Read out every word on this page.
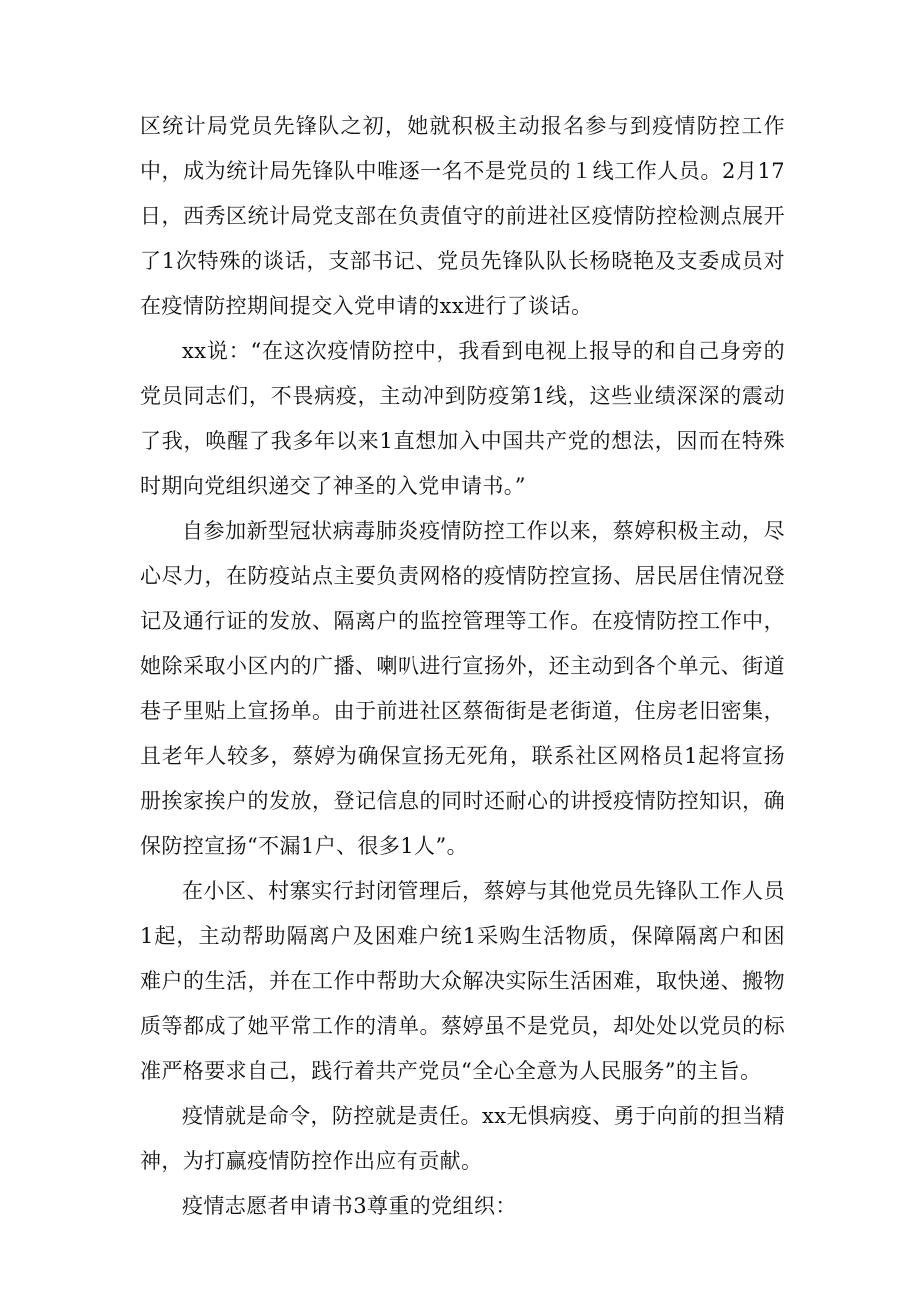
区统计局党员先锋队之初，她就积极主动报名参与到疫情防控工作中，成为统计局先锋队中唯逐一名不是党员的１线工作人员。2月17日，西秀区统计局党支部在负责值守的前进社区疫情防控检测点展开了1次特殊的谈话，支部书记、党员先锋队队长杨晓艳及支委成员对在疫情防控期间提交入党申请的xx进行了谈话。

xx说：“在这次疫情防控中，我看到电视上报导的和自己身旁的党员同志们，不畏病疫，主动冲到防疫第1线，这些业绩深深的震动了我，唤醒了我多年以来1直想加入中国共产党的想法，因而在特殊时期向党组织递交了神圣的入党申请书。”

自参加新型冠状病毒肺炎疫情防控工作以来，蔡婷积极主动，尽心尽力，在防疫站点主要负责网格的疫情防控宣扬、居民居住情况登记及通行证的发放、隔离户的监控管理等工作。在疫情防控工作中，她除采取小区内的广播、喇叭进行宣扬外，还主动到各个单元、街道巷子里贴上宣扬单。由于前进社区蔡衙街是老街道，住房老旧密集，且老年人较多，蔡婷为确保宣扬无死角，联系社区网格员1起将宣扬册挨家挨户的发放，登记信息的同时还耐心的讲授疫情防控知识，确保防控宣扬“不漏1户、很多1人”。

在小区、村寨实行封闭管理后，蔡婷与其他党员先锋队工作人员1起，主动帮助隔离户及困难户统1采购生活物质，保障隔离户和困难户的生活，并在工作中帮助大众解决实际生活困难，取快递、搬物质等都成了她平常工作的清单。蔡婷虽不是党员，却处处以党员的标准严格要求自己，践行着共产党员“全心全意为人民服务”的主旨。

疫情就是命令，防控就是责任。xx无惧病疫、勇于向前的担当精神，为打赢疫情防控作出应有贡献。

疫情志愿者申请书3尊重的党组织：
